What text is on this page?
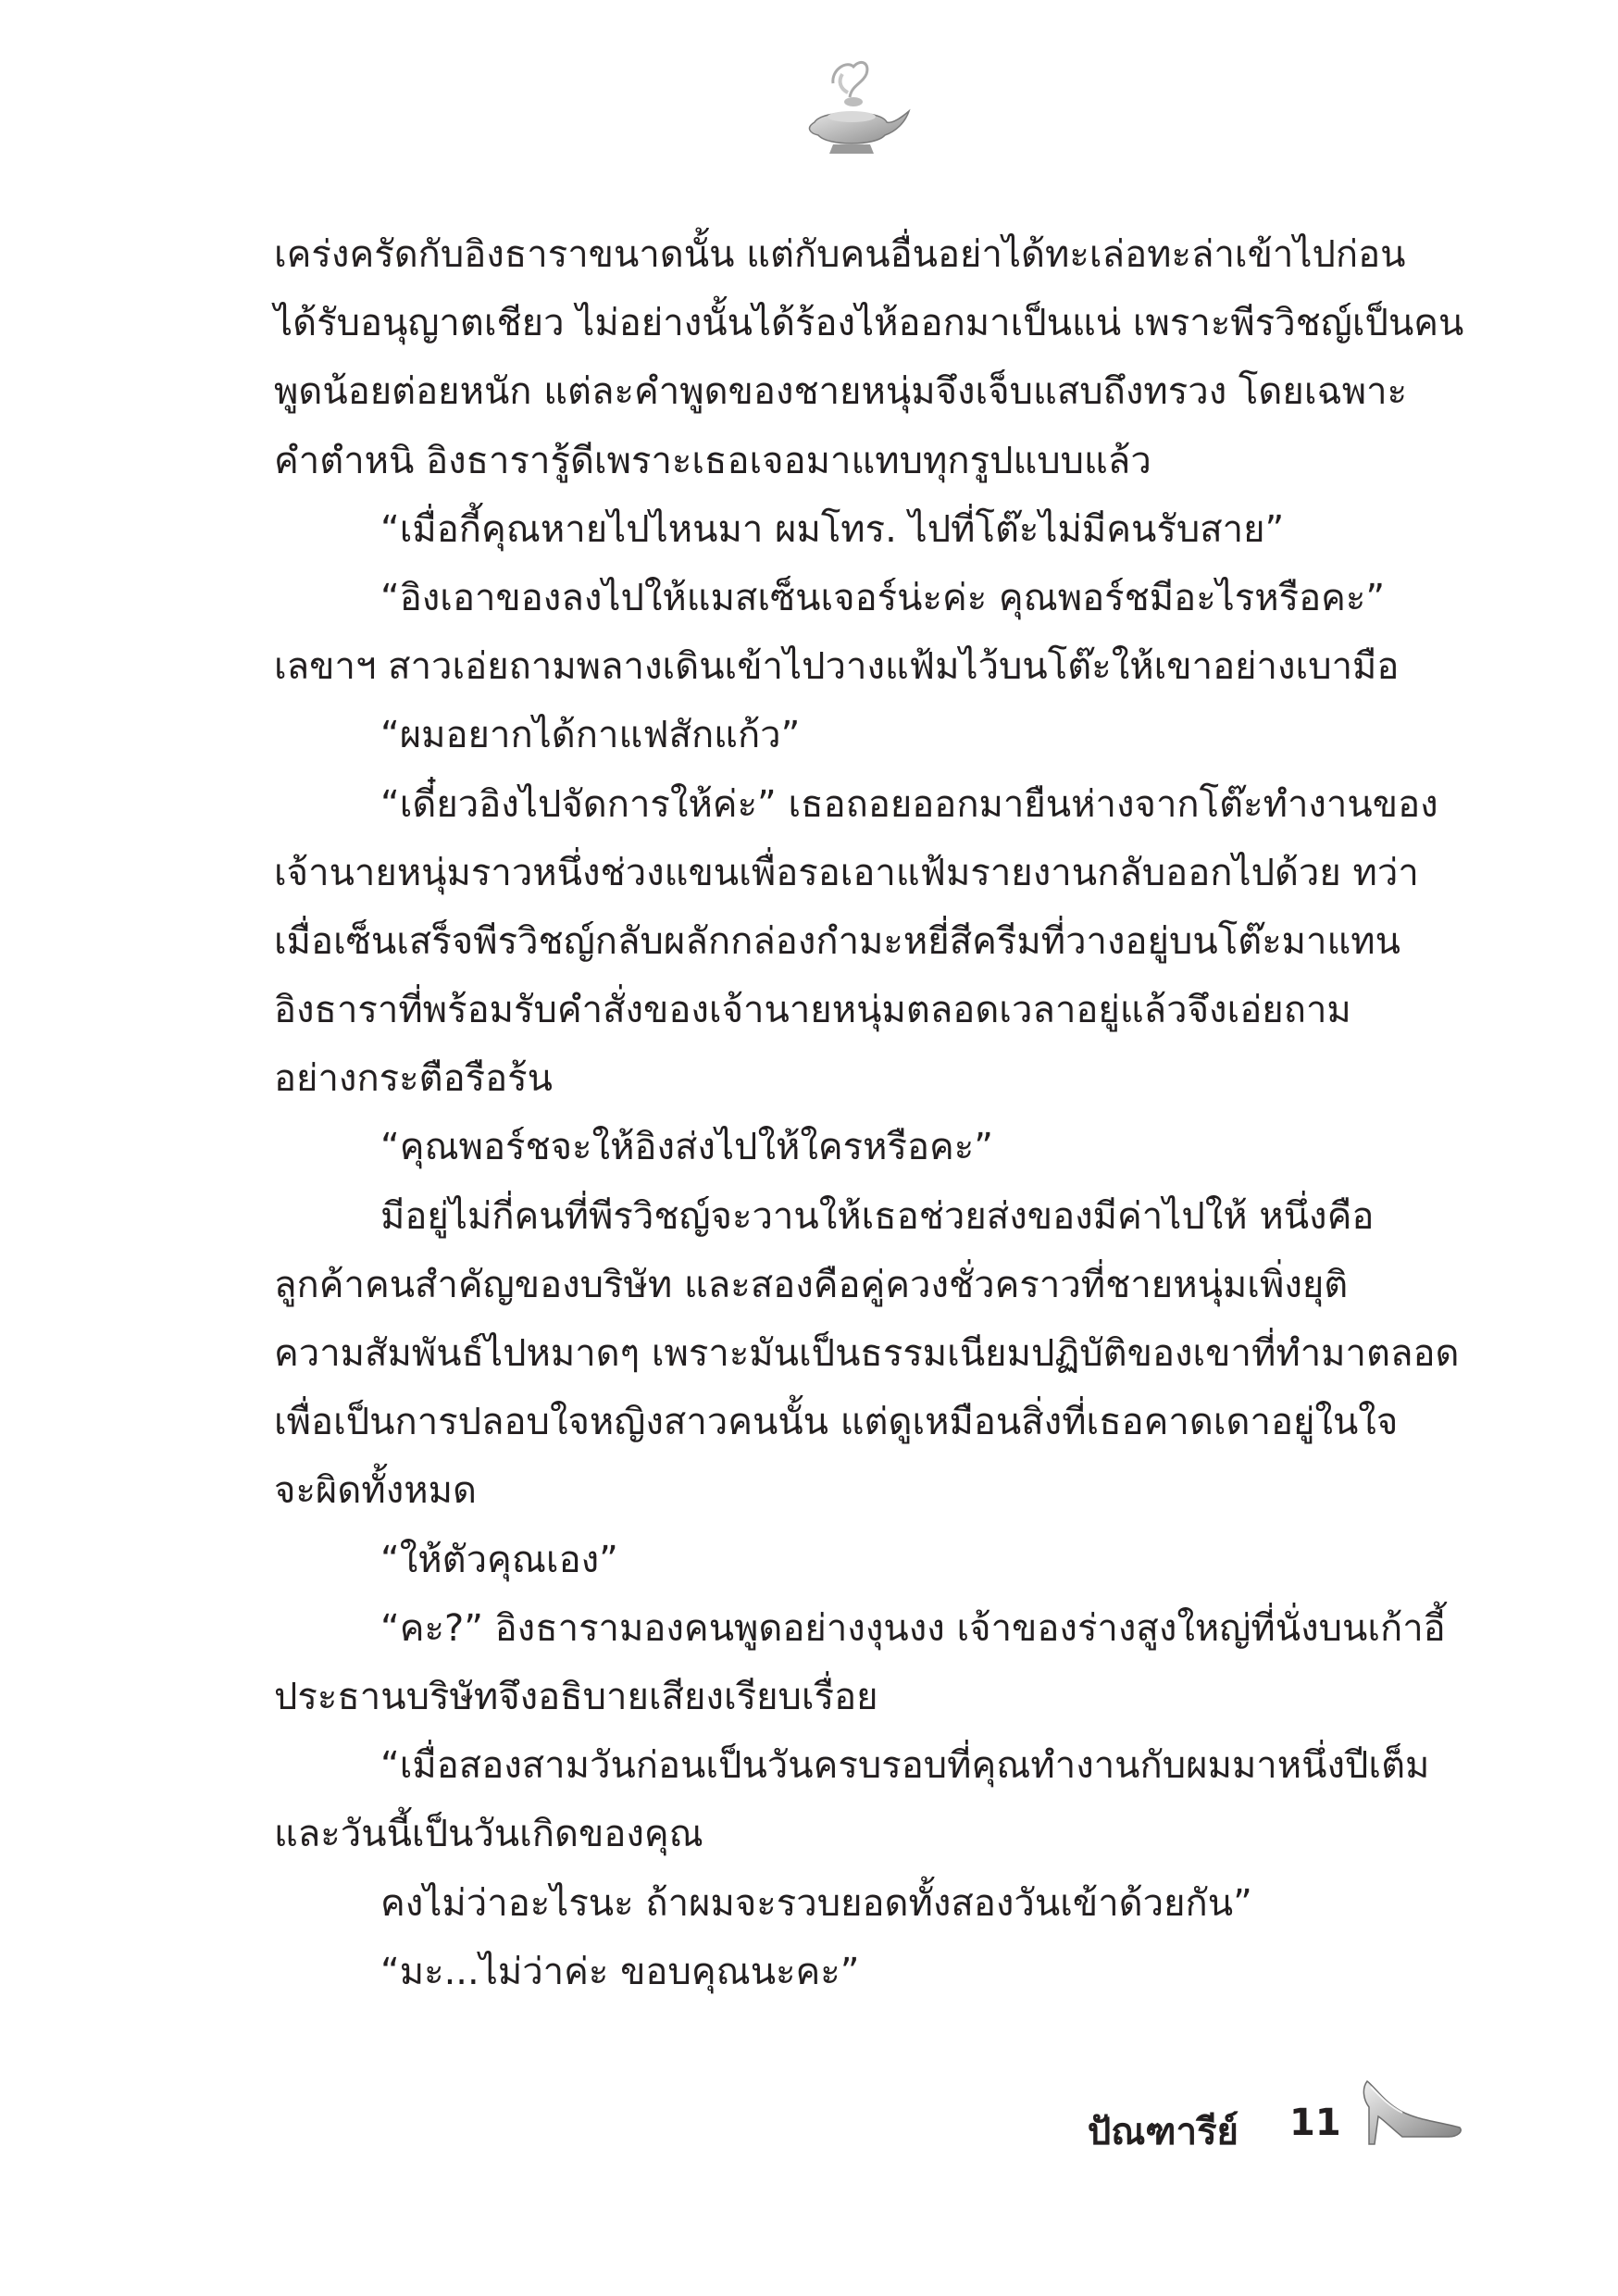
เคร่งครัดกับอิงธาราขนาดนั้น แต่กับคนอื่นอย่าได้ทะเล่อทะล่าเข้าไปก่อน
ได้รับอนุญาตเชียว ไม่อย่างนั้นได้ร้องไห้ออกมาเป็นแน่ เพราะพีรวิชญ์เป็นคน
พูดน้อยต่อยหนัก แต่ละคำพูดของชายหนุ่มจึงเจ็บแสบถึงทรวง โดยเฉพาะ
คำตำหนิ อิงธารารู้ดีเพราะเธอเจอมาแทบทุกรูปแบบแล้ว
“เมื่อกี้คุณหายไปไหนมา ผมโทร. ไปที่โต๊ะไม่มีคนรับสาย”
“อิงเอาของลงไปให้แมสเซ็นเจอร์น่ะค่ะ คุณพอร์ชมีอะไรหรือคะ”
เลขาฯ สาวเอ่ยถามพลางเดินเข้าไปวางแฟ้มไว้บนโต๊ะให้เขาอย่างเบามือ
“ผมอยากได้กาแฟสักแก้ว”
“เดี๋ยวอิงไปจัดการให้ค่ะ” เธอถอยออกมายืนห่างจากโต๊ะทำงานของ
เจ้านายหนุ่มราวหนึ่งช่วงแขนเพื่อรอเอาแฟ้มรายงานกลับออกไปด้วย ทว่า
เมื่อเซ็นเสร็จพีรวิชญ์กลับผลักกล่องกำมะหยี่สีครีมที่วางอยู่บนโต๊ะมาแทน
อิงธาราที่พร้อมรับคำสั่งของเจ้านายหนุ่มตลอดเวลาอยู่แล้วจึงเอ่ยถาม
อย่างกระตือรือร้น
“คุณพอร์ชจะให้อิงส่งไปให้ใครหรือคะ”
มีอยู่ไม่กี่คนที่พีรวิชญ์จะวานให้เธอช่วยส่งของมีค่าไปให้ หนึ่งคือ
ลูกค้าคนสำคัญของบริษัท และสองคือคู่ควงชั่วคราวที่ชายหนุ่มเพิ่งยุติ
ความสัมพันธ์ไปหมาดๆ เพราะมันเป็นธรรมเนียมปฏิบัติของเขาที่ทำมาตลอด
เพื่อเป็นการปลอบใจหญิงสาวคนนั้น แต่ดูเหมือนสิ่งที่เธอคาดเดาอยู่ในใจ
จะผิดทั้งหมด
“ให้ตัวคุณเอง”
“คะ?” อิงธารามองคนพูดอย่างงุนงง เจ้าของร่างสูงใหญ่ที่นั่งบนเก้าอี้
ประธานบริษัทจึงอธิบายเสียงเรียบเรื่อย
“เมื่อสองสามวันก่อนเป็นวันครบรอบที่คุณทำงานกับผมมาหนึ่งปีเต็ม
และวันนี้เป็นวันเกิดของคุณ
คงไม่ว่าอะไรนะ ถ้าผมจะรวบยอดทั้งสองวันเข้าด้วยกัน”
“มะ...ไม่ว่าค่ะ ขอบคุณนะคะ”
ปัณฑารีย์ 11
